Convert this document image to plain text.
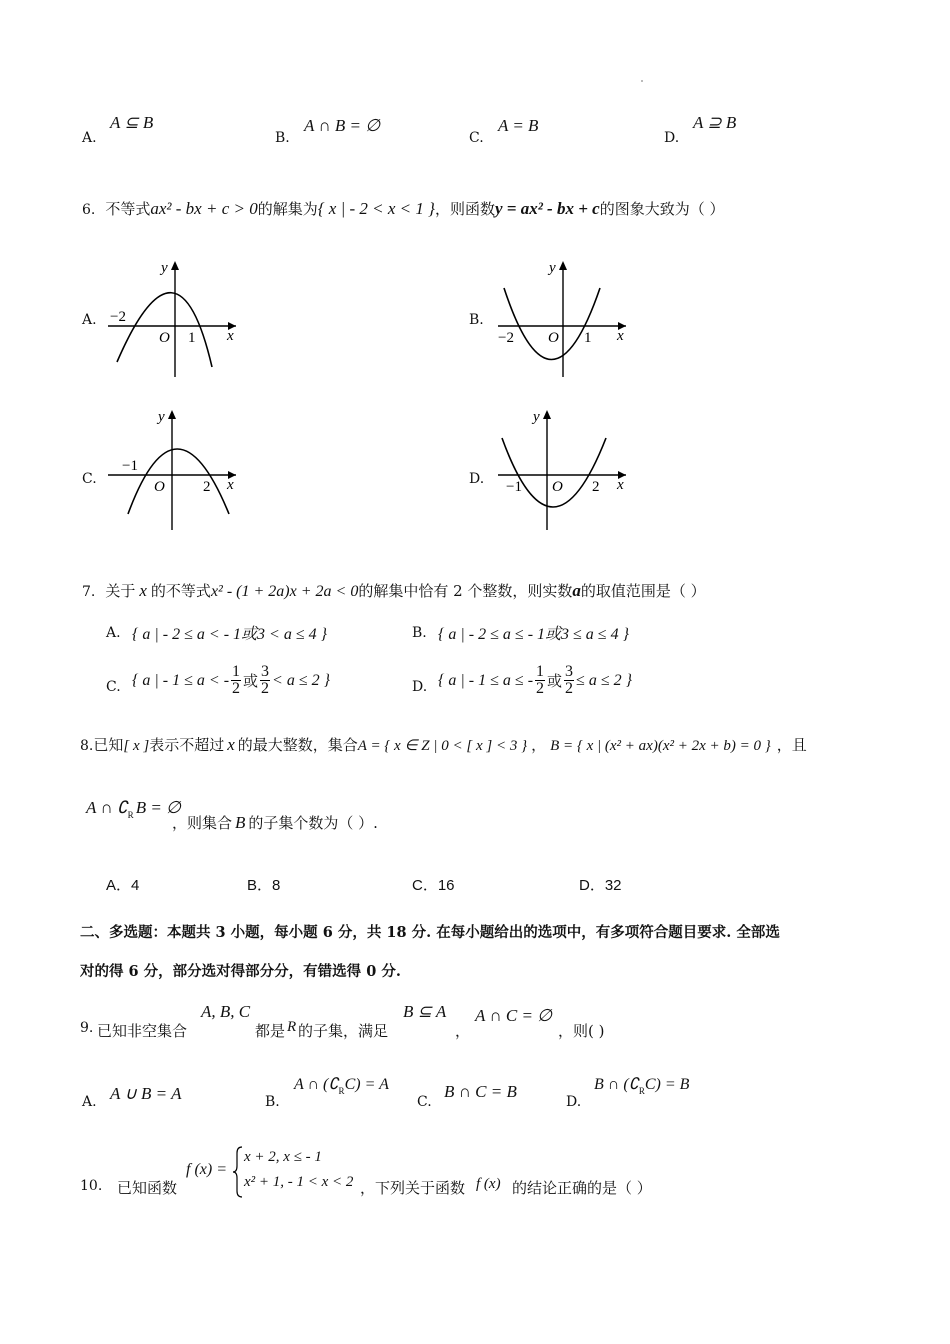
A.
A ⊆ B
B.
A ∩ B = ∅
C.
A = B
D.
A ⊇ B
6. 不等式 ax² - bx + c > 0 的解集为 { x | - 2 < x < 1 } ，则函数 y = ax² - bx + c 的图象大致为（ ）
A. −2
O 1 x
y
B.
−2 O 1 x
y
C.
−1
O	2 x
y
D. −1 O 2 x
y
7. 关于 x 的不等式 x² - (1 + 2a)x + 2a < 0 的解集中恰有 2 个整数，则实数 a 的取值范围是（ ）
A. { a | - 2 ≤ a < - 1或3 < a ≤ 4 }	B. { a | - 2 ≤ a ≤ - 1或3 ≤ a ≤ 4 }
C. { a | - 1 ≤ a < - $\frac{1}{2}$ 或 $\frac{3}{2} < a \le 2$ }	D. { a | - 1 ≤ a ≤ - $\frac{1}{2}$ 或 $\frac{3}{2} \le a \le 2$ }
8. 已知 [ x ] 表示不超过 x 的最大整数，集合 A = { x ∈ Z | 0 < [ x ] < 3 } ， B = { x | (x² + ax)(x² + 2x + b) = 0 } ，且
A ∩ ∁ R B = ∅
，则集合 B 的子集个数为（ ）.
A．4	B．8	C．16	D．32
二、多选题：本题共 3 小题，每小题 6 分，共 18 分. 在每小题给出的选项中，有多项符合题目要求. 全部选
对的得 6 分，部分选对得部分分，有错选得 0 分.
9. 已知非空集合
A, B, C
都是 R 的子集，满足
B ⊆ A
，
A ∩ C = ∅
，则( )
A. A ∪ B = A	B.
A ∩ (∁ R C) = A
C.
B ∩ C = B
D.
B ∩ (∁ R C) = B
10. 已知函数
f (x) =
x + 2, x ≤ - 1
x² + 1, - 1 < x < 2 ，下列关于函数 f (x) 的结论正确的是（ ）
